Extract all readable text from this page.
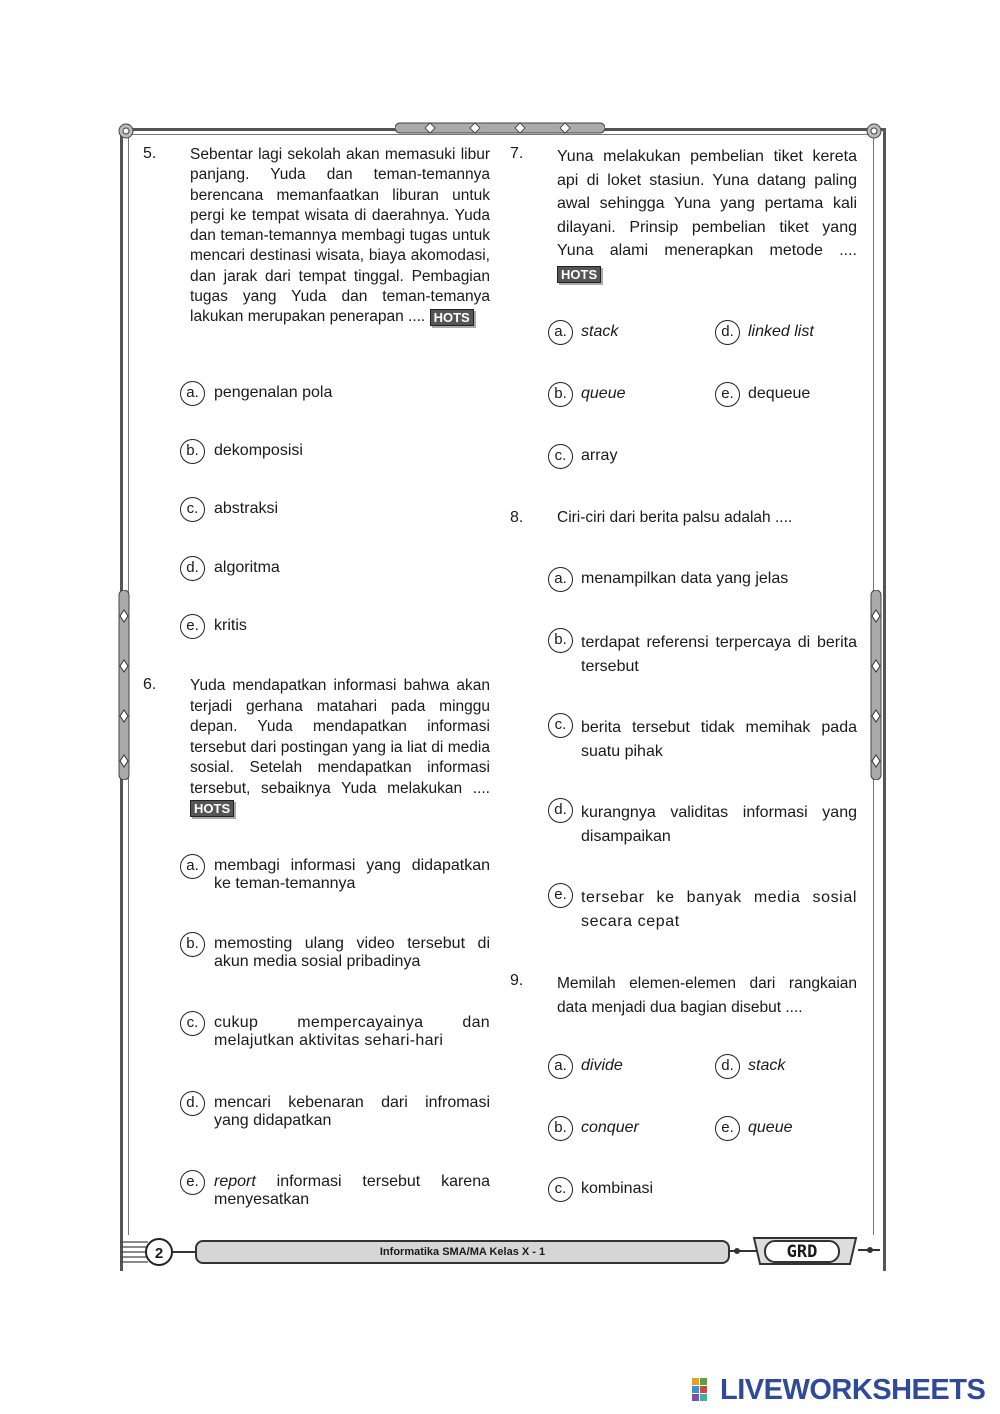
5. Sebentar lagi sekolah akan memasuki libur panjang. Yuda dan teman-temannya berencana memanfaatkan liburan untuk pergi ke tempat wisata di daerahnya. Yuda dan teman-temannya membagi tugas untuk mencari destinasi wisata, biaya akomodasi, dan jarak dari tempat tinggal. Pembagian tugas yang Yuda dan teman-temanya lakukan merupakan penerapan .... HOTS
a. pengenalan pola
b. dekomposisi
c. abstraksi
d. algoritma
e. kritis
6. Yuda mendapatkan informasi bahwa akan terjadi gerhana matahari pada minggu depan. Yuda mendapatkan informasi tersebut dari postingan yang ia liat di media sosial. Setelah mendapatkan informasi tersebut, sebaiknya Yuda melakukan .... HOTS
a. membagi informasi yang didapatkan ke teman-temannya
b. memosting ulang video tersebut di akun media sosial pribadinya
c. cukup mempercayainya dan melajutkan aktivitas sehari-hari
d. mencari kebenaran dari infromasi yang didapatkan
e. report informasi tersebut karena menyesatkan
7. Yuna melakukan pembelian tiket kereta api di loket stasiun. Yuna datang paling awal sehingga Yuna yang pertama kali dilayani. Prinsip pembelian tiket yang Yuna alami menerapkan metode .... HOTS
a. stack	d. linked list
b. queue	e. dequeue
c. array
8. Ciri-ciri dari berita palsu adalah ....
a. menampilkan data yang jelas
b. terdapat referensi terpercaya di berita tersebut
c. berita tersebut tidak memihak pada suatu pihak
d. kurangnya validitas informasi yang disampaikan
e. tersebar ke banyak media sosial secara cepat
9. Memilah elemen-elemen dari rangkaian data menjadi dua bagian disebut ....
a. divide	d. stack
b. conquer	e. queue
c. kombinasi
2	Informatika SMA/MA Kelas X - 1	GRD
LIVEWORKSHEETS
